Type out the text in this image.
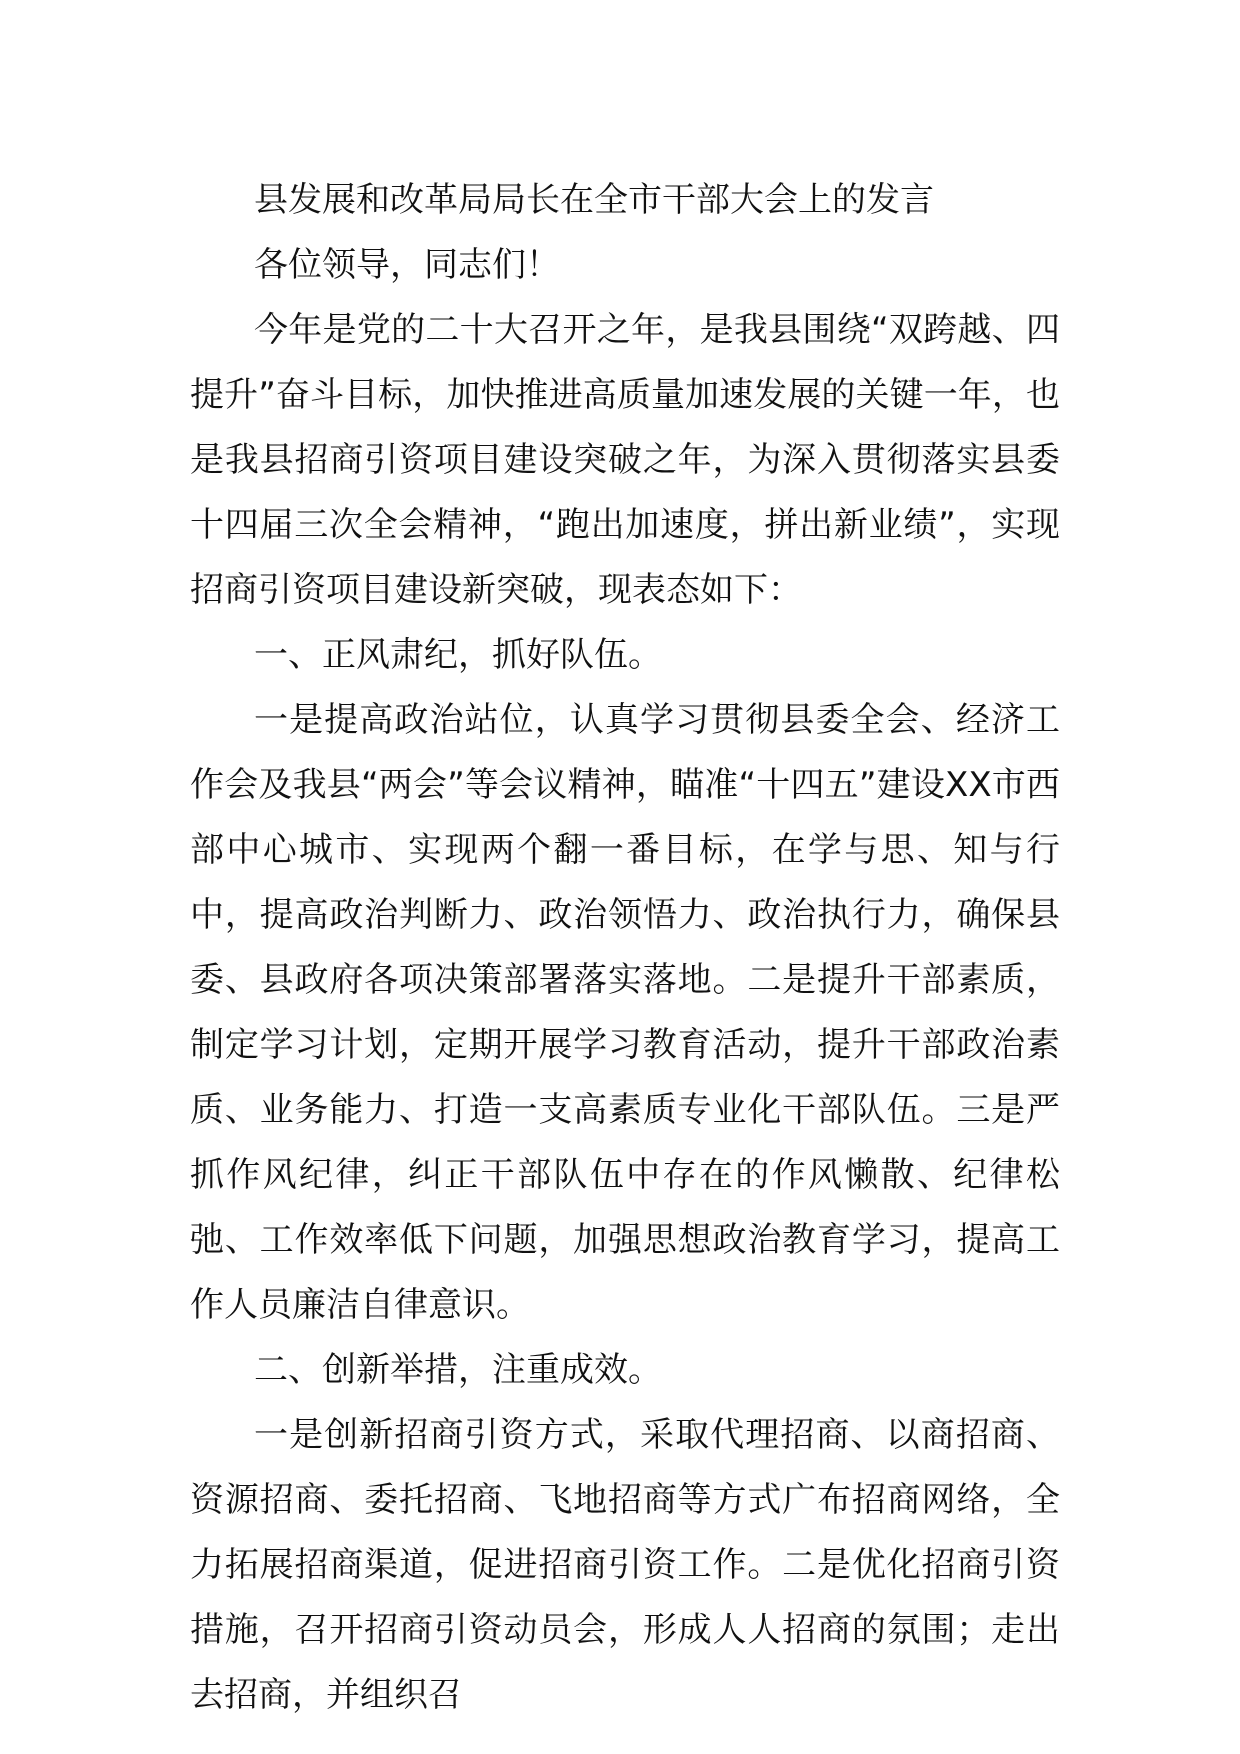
县发展和改革局局长在全市干部大会上的发言

各位领导，同志们！

今年是党的二十大召开之年，是我县围绕“双跨越、四提升”奋斗目标，加快推进高质量加速发展的关键一年，也是我县招商引资项目建设突破之年，为深入贯彻落实县委十四届三次全会精神，“跑出加速度，拼出新业绩”，实现招商引资项目建设新突破，现表态如下：

一、正风肃纪，抓好队伍。

一是提高政治站位，认真学习贯彻县委全会、经济工作会及我县“两会”等会议精神，瞄准“十四五”建设XX市西部中心城市、实现两个翻一番目标，在学与思、知与行中，提高政治判断力、政治领悟力、政治执行力，确保县委、县政府各项决策部署落实落地。二是提升干部素质，制定学习计划，定期开展学习教育活动，提升干部政治素质、业务能力、打造一支高素质专业化干部队伍。三是严抓作风纪律，纠正干部队伍中存在的作风懒散、纪律松弛、工作效率低下问题，加强思想政治教育学习，提高工作人员廉洁自律意识。

二、创新举措，注重成效。

一是创新招商引资方式，采取代理招商、以商招商、资源招商、委托招商、飞地招商等方式广布招商网络，全力拓展招商渠道，促进招商引资工作。二是优化招商引资措施，召开招商引资动员会，形成人人招商的氛围；走出去招商，并组织召
